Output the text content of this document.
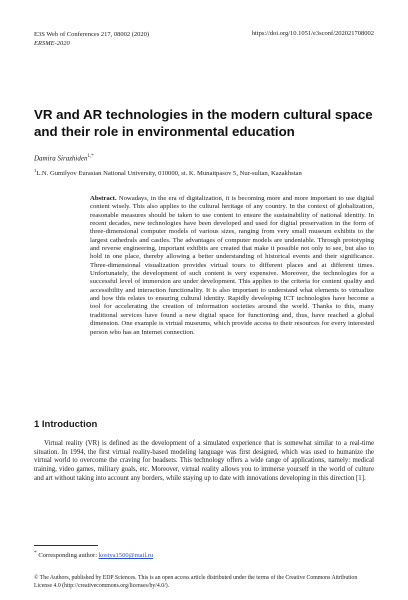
E3S Web of Conferences 217, 08002 (2020)
ERSME-2020
https://doi.org/10.1051/e3sconf/202021708002
VR and AR technologies in the modern cultural space and their role in environmental education
Damira Sirazhiden$^{1,*}$
$^1$L.N. Gumilyov Eurasian National University, 010000, st. K. Munaitpasov 5, Nur-sultan, Kazakhstan

Abstract. Nowadays, in the era of digitalization, it is becoming more and more important to use digital content wisely. This also applies to the cultural heritage of any country. In the context of globalization, reasonable measures should be taken to use content to ensure the sustainability of national identity. In recent decades, new technologies have been developed and used for digital preservation in the form of three-dimensional computer models of various sizes, ranging from very small museum exhibits to the largest cathedrals and castles. The advantages of computer models are undeniable. Through prototyping and reverse engineering, important exhibits are created that make it possible not only to see, but also to hold in one place, thereby allowing a better understanding of historical events and their significance. Three-dimensional visualization provides virtual tours to different places and at different times. Unfortunately, the development of such content is very expensive. Moreover, the technologies for a successful level of immersion are under development. This applies to the criteria for content quality and accessibility and interaction functionality. It is also important to understand what elements to virtualize and how this relates to ensuring cultural identity. Rapidly developing ICT technologies have become a tool for accelerating the creation of information societies around the world. Thanks to this, many traditional services have found a new digital space for functioning and, thus, have reached a global dimension. One example is virtual museums, which provide access to their resources for every interested person who has an Internet connection.

1 Introduction

Virtual reality (VR) is defined as the development of a simulated experience that is somewhat similar to a real-time situation. In 1994, the first virtual reality-based modeling language was first designed, which was used to humanize the virtual world to overcome the craving for headsets. This technology offers a wide range of applications, namely: medical training, video games, military goals, etc. Moreover, virtual reality allows you to immerse yourself in the world of culture and art without taking into account any borders, while staying up to date with innovations developing in this direction [1].

* Corresponding author: kostya1500@mail.ru

© The Authors, published by EDP Sciences. This is an open access article distributed under the terms of the Creative Commons Attribution License 4.0 (http://creativecommons.org/licenses/by/4.0/).
